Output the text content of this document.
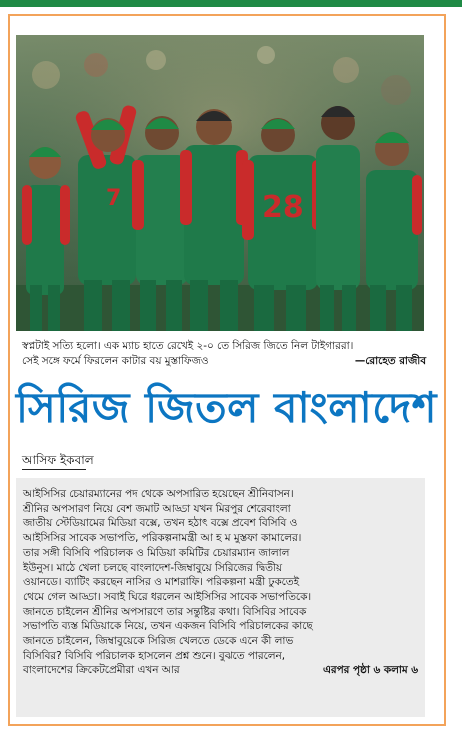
7	28
স্বপ্নটাই সত্যি হলো। এক ম্যাচ হাতে রেখেই ২-০ তে সিরিজ জিতে নিল টাইগাররা।
সেই সঙ্গে ফর্মে ফিরলেন কাটার বয় মুস্তাফিজও	—রোহেত রাজীব
সিরিজ জিতল বাংলাদেশ
আসিফ ইকবাল

আইসিসির চেয়ারম্যানের পদ থেকে অপসারিত হয়েছেন শ্রীনিবাসন।

শ্রীনির অপসারণ নিয়ে বেশ জমাট আড্ডা যখন মিরপুর শেরেবাংলা

জাতীয় স্টেডিয়ামের মিডিয়া বক্সে, তখন হঠাৎ বক্সে প্রবেশ বিসিবি ও

আইসিসির সাবেক সভাপতি, পরিকল্পনামন্ত্রী আ হ ম মুস্তফা কামালের।

তার সঙ্গী বিসিবি পরিচালক ও মিডিয়া কমিটির চেয়ারম্যান জালাল

ইউনুস। মাঠে খেলা চলছে বাংলাদেশ-জিম্বাবুয়ে সিরিজের দ্বিতীয়

ওয়ানডে। ব্যাটিং করছেন নাসির ও মাশরাফি। পরিকল্পনা মন্ত্রী ঢুকতেই

থেমে গেল আড্ডা। সবাই ঘিরে ধরলেন আইসিসির সাবেক সভাপতিকে।

জানতে চাইলেন শ্রীনির অপসারণে তার সন্তুষ্টির কথা। বিসিবির সাবেক

সভাপতি ব্যস্ত মিডিয়াকে নিয়ে, তখন একজন বিসিবি পরিচালকের কাছে

জানতে চাইলেন, জিম্বাবুয়েকে সিরিজ খেলতে ডেকে এনে কী লাভ

বিসিবির? বিসিবি পরিচালক হাসলেন প্রশ্ন শুনে। বুঝতে পারলেন,

বাংলাদেশের ক্রিকেটপ্রেমীরা এখন আর	এরপর পৃষ্ঠা ৬ কলাম ৬
